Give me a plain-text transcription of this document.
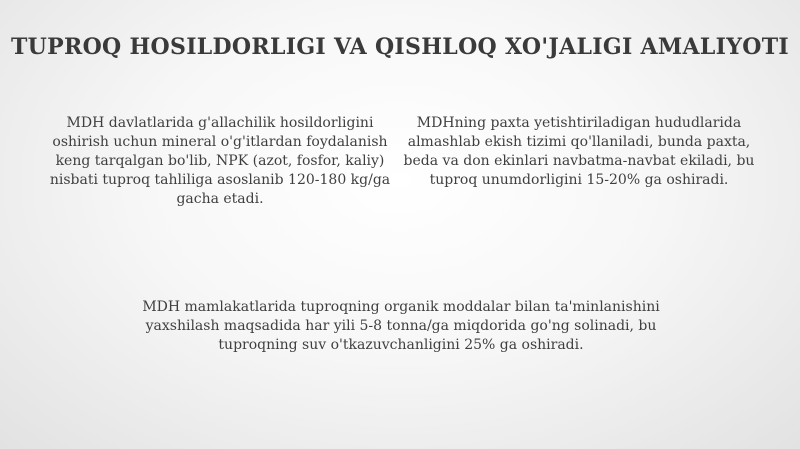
TUPROQ HOSILDORLIGI VA QISHLOQ XO'JALIGI AMALIYOTI

MDH davlatlarida g'allachilik hosildorligini oshirish uchun mineral o'g'itlardan foydalanish keng tarqalgan bo'lib, NPK (azot, fosfor, kaliy) nisbati tuproq tahliliga asoslanib 120-180 kg/ga gacha etadi.

MDHning paxta yetishtiriladigan hududlarida almashlab ekish tizimi qo'llaniladi, bunda paxta, beda va don ekinlari navbatma-navbat ekiladi, bu tuproq unumdorligini 15-20% ga oshiradi.

MDH mamlakatlarida tuproqning organik moddalar bilan ta'minlanishini yaxshilash maqsadida har yili 5-8 tonna/ga miqdorida go'ng solinadi, bu tuproqning suv o'tkazuvchanligini 25% ga oshiradi.
